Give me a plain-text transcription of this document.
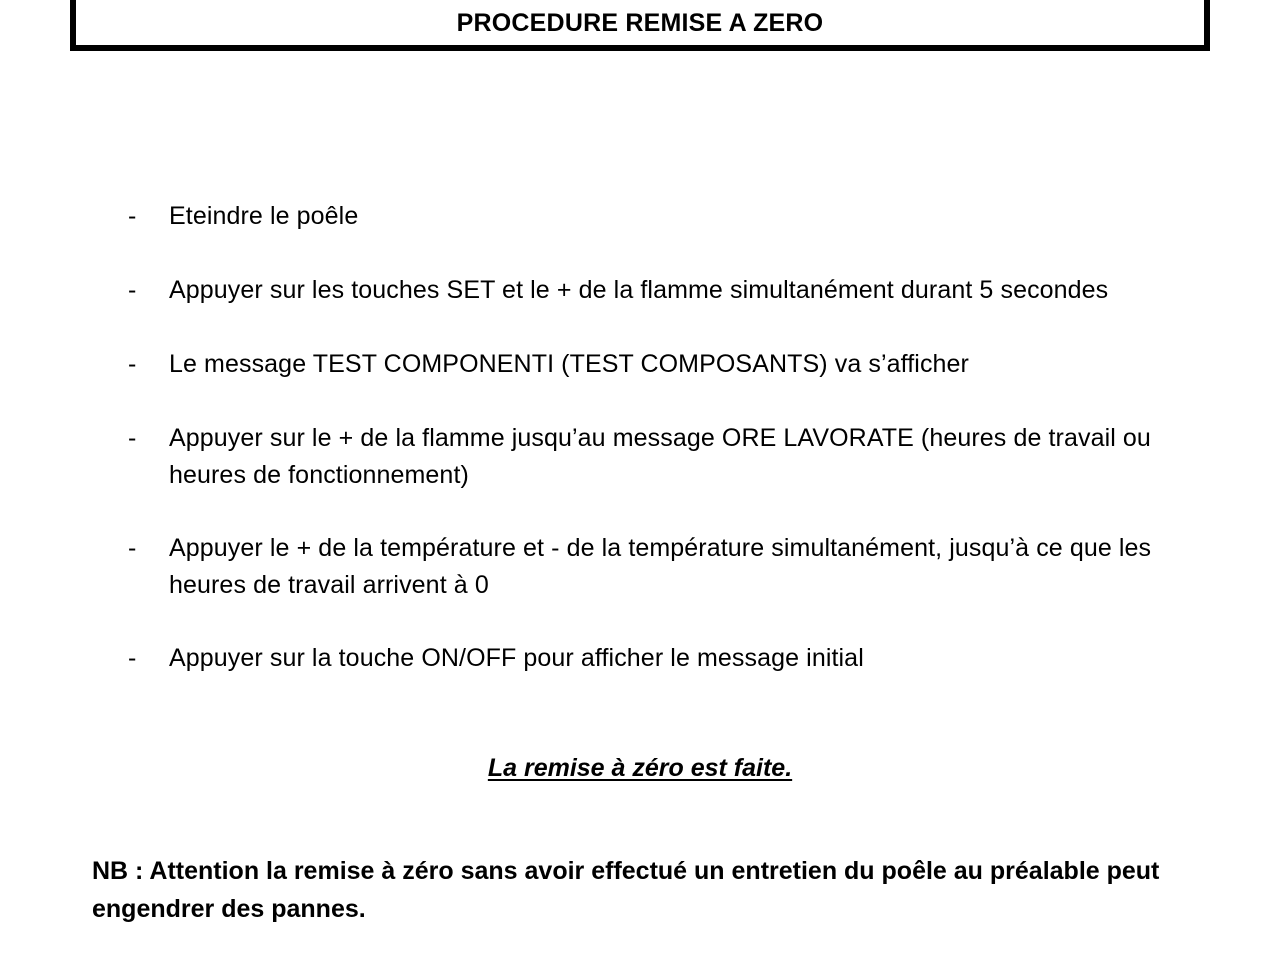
PROCEDURE REMISE A ZERO
- Eteindre le poêle
- Appuyer sur les touches SET et le + de la flamme simultanément durant 5 secondes
- Le message TEST COMPONENTI (TEST COMPOSANTS) va s’afficher
- Appuyer sur le + de la flamme jusqu’au message ORE LAVORATE (heures de travail ou heures de fonctionnement)
- Appuyer le + de la température et - de la température simultanément, jusqu’à ce que les heures de travail arrivent à 0
- Appuyer sur la touche ON/OFF pour afficher le message initial
La remise à zéro est faite.
NB : Attention la remise à zéro sans avoir effectué un entretien du poêle au préalable peut engendrer des pannes.
